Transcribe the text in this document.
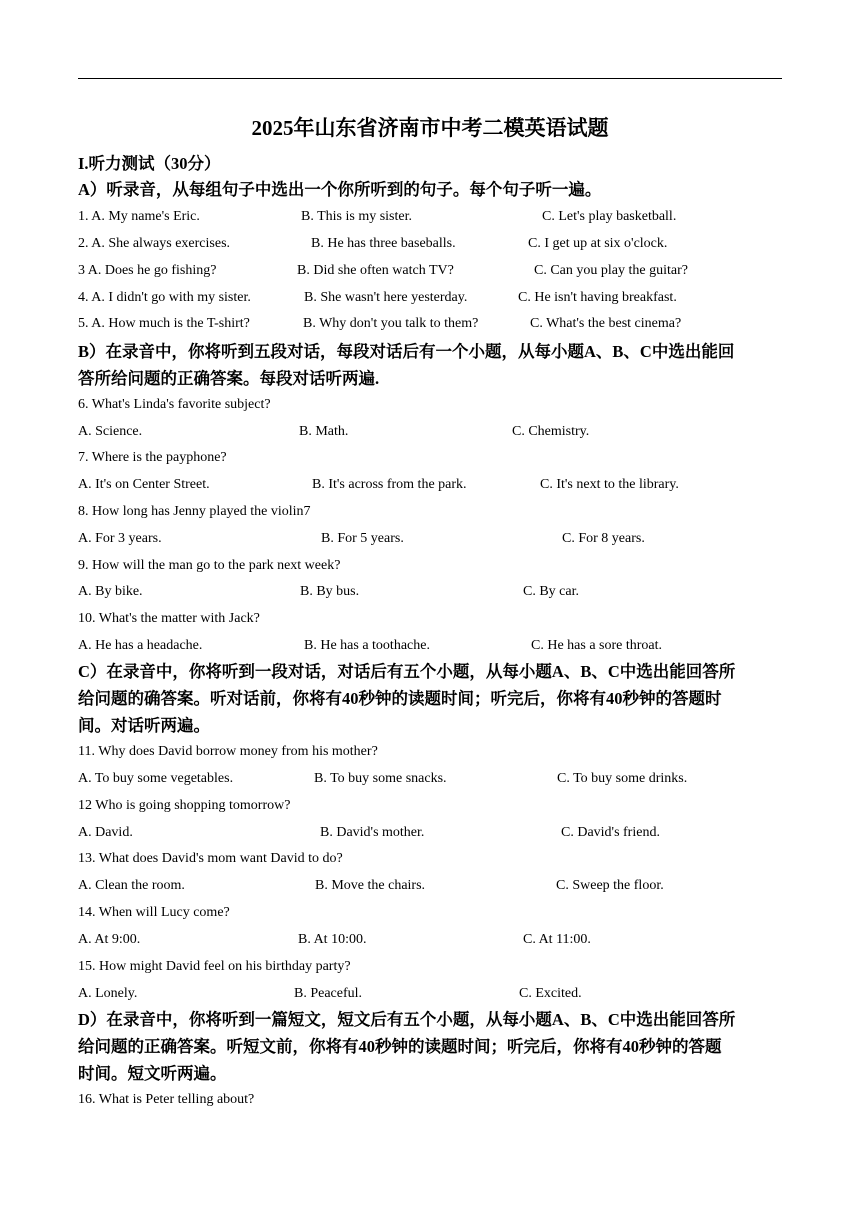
2025年山东省济南市中考二模英语试题
I.听力测试（30分）
A）听录音，从每组句子中选出一个你所听到的句子。每个句子听一遍。
1. A. My name's Eric.	B. This is my sister.	C. Let's play basketball.
2. A. She always exercises.	B. He has three baseballs.	C. I get up at six o'clock.
3 A. Does he go fishing?	B. Did she often watch TV?	C. Can you play the guitar?
4. A. I didn't go with my sister.	B. She wasn't here yesterday.	C. He isn't having breakfast.
5. A. How much is the T-shirt?	B. Why don't you talk to them?	C. What's the best cinema?
B）在录音中，你将听到五段对话，每段对话后有一个小题，从每小题A、B、C中选出能回
答所给问题的正确答案。每段对话听两遍.
6. What's Linda's favorite subject?
A. Science.	B. Math.	C. Chemistry.
7. Where is the payphone?
A. It's on Center Street.	B. It's across from the park.	C. It's next to the library.
8. How long has Jenny played the violin7
A. For 3 years.	B. For 5 years.	C. For 8 years.
9. How will the man go to the park next week?
A. By bike.	B. By bus.	C. By car.
10. What's the matter with Jack?
A. He has a headache.	B. He has a toothache.	C. He has a sore throat.
C）在录音中，你将听到一段对话，对话后有五个小题，从每小题A、B、C中选出能回答所
给问题的确答案。听对话前，你将有40秒钟的读题时间；听完后，你将有40秒钟的答题时
间。对话听两遍。
11. Why does David borrow money from his mother?
A. To buy some vegetables.	B. To buy some snacks.	C. To buy some drinks.
12 Who is going shopping tomorrow?
A. David.	B. David's mother.	C. David's friend.
13. What does David's mom want David to do?
A. Clean the room.	B. Move the chairs.	C. Sweep the floor.
14. When will Lucy come?
A. At 9:00.	B. At 10:00.	C. At 11:00.
15. How might David feel on his birthday party?
A. Lonely.	B. Peaceful.	C. Excited.
D）在录音中，你将听到一篇短文，短文后有五个小题，从每小题A、B、C中选出能回答所
给问题的正确答案。听短文前，你将有40秒钟的读题时间；听完后，你将有40秒钟的答题
时间。短文听两遍。
16. What is Peter telling about?
